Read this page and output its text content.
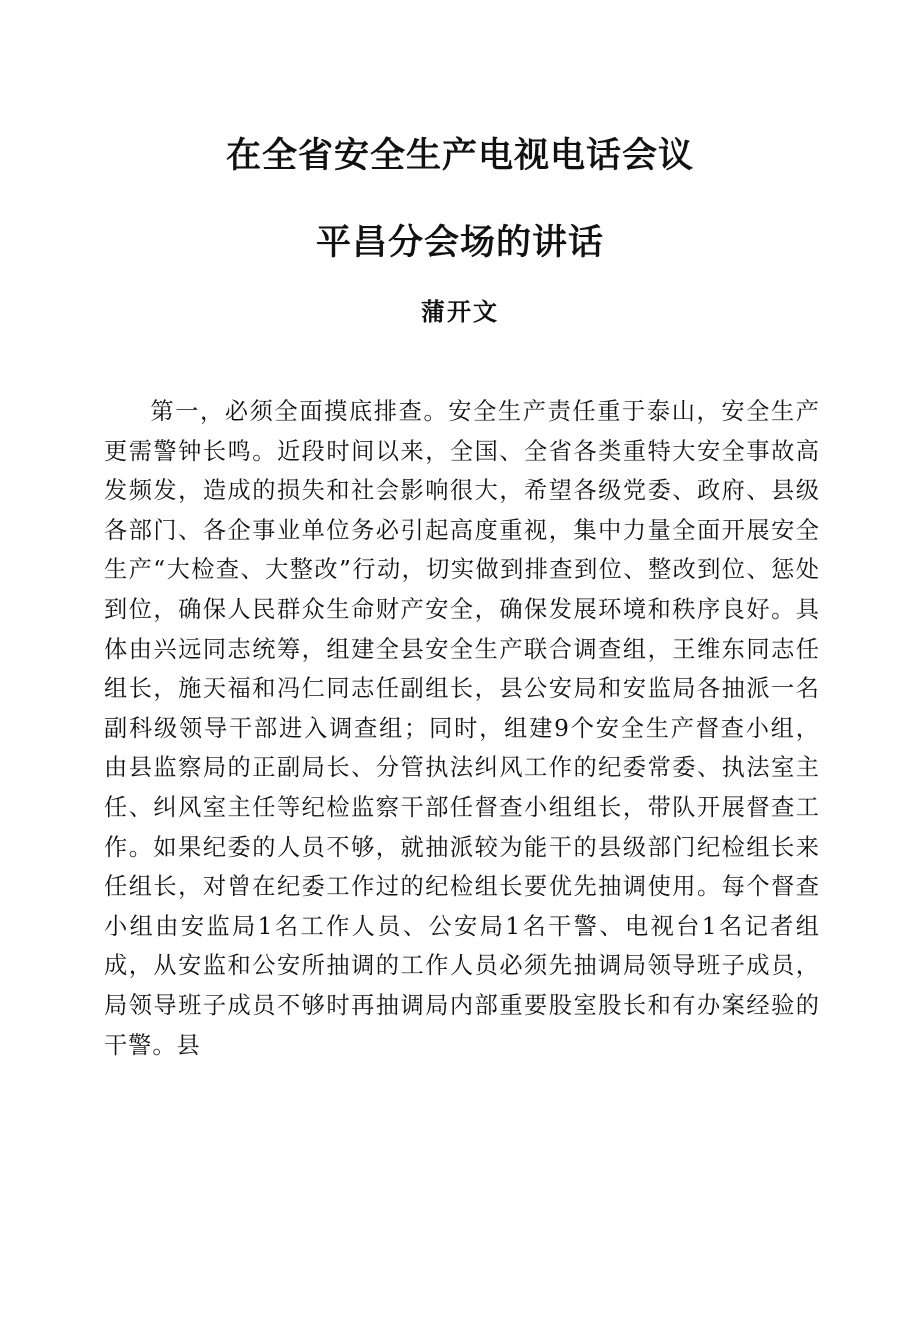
在全省安全生产电视电话会议
平昌分会场的讲话

蒲开文

第一，必须全面摸底排查。安全生产责任重于泰山，安全生产更需警钟长鸣。近段时间以来，全国、全省各类重特大安全事故高发频发，造成的损失和社会影响很大，希望各级党委、政府、县级各部门、各企事业单位务必引起高度重视，集中力量全面开展安全生产“大检查、大整改”行动，切实做到排查到位、整改到位、惩处到位，确保人民群众生命财产安全，确保发展环境和秩序良好。具体由兴远同志统筹，组建全县安全生产联合调查组，王维东同志任组长，施天福和冯仁同志任副组长，县公安局和安监局各抽派一名副科级领导干部进入调查组；同时，组建9个安全生产督查小组，由县监察局的正副局长、分管执法纠风工作的纪委常委、执法室主任、纠风室主任等纪检监察干部任督查小组组长，带队开展督查工作。如果纪委的人员不够，就抽派较为能干的县级部门纪检组长来任组长，对曾在纪委工作过的纪检组长要优先抽调使用。每个督查小组由安监局1名工作人员、公安局1名干警、电视台1名记者组成，从安监和公安所抽调的工作人员必须先抽调局领导班子成员，局领导班子成员不够时再抽调局内部重要股室股长和有办案经验的干警。县
